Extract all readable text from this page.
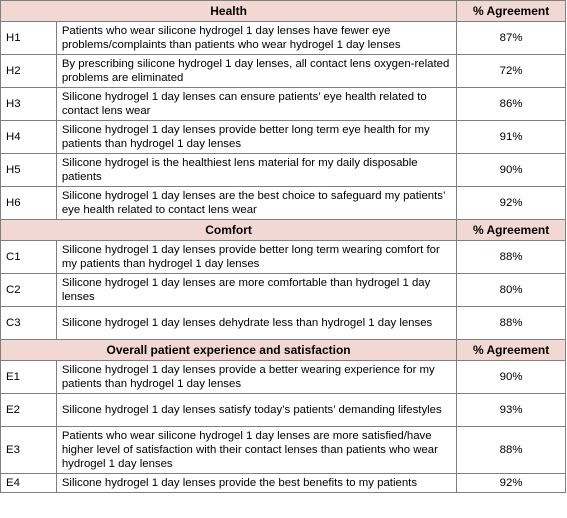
Health		% Agreement
H1	Patients who wear silicone hydrogel 1 day lenses have fewer eye problems/complaints than patients who wear hydrogel 1 day lenses	87%
H2	By prescribing silicone hydrogel 1 day lenses, all contact lens oxygen-related problems are eliminated	72%
H3	Silicone hydrogel 1 day lenses can ensure patients’ eye health related to contact lens wear	86%
H4	Silicone hydrogel 1 day lenses provide better long term eye health for my patients than hydrogel 1 day lenses	91%
H5	Silicone hydrogel is the healthiest lens material for my daily disposable patients	90%
H6	Silicone hydrogel 1 day lenses are the best choice to safeguard my patients’ eye health related to contact lens wear	92%
Comfort		% Agreement
C1	Silicone hydrogel 1 day lenses provide better long term wearing comfort for my patients than hydrogel 1 day lenses	88%
C2	Silicone hydrogel 1 day lenses are more comfortable than hydrogel 1 day lenses	80%
C3	Silicone hydrogel 1 day lenses dehydrate less than hydrogel 1 day lenses	88%
Overall patient experience and satisfaction		% Agreement
E1	Silicone hydrogel 1 day lenses provide a better wearing experience for my patients than hydrogel 1 day lenses	90%
E2	Silicone hydrogel 1 day lenses satisfy today’s patients’ demanding lifestyles	93%
E3	Patients who wear silicone hydrogel 1 day lenses are more satisfied/have higher level of satisfaction with their contact lenses than patients who wear hydrogel 1 day lenses	88%
E4	Silicone hydrogel 1 day lenses provide the best benefits to my patients	92%
